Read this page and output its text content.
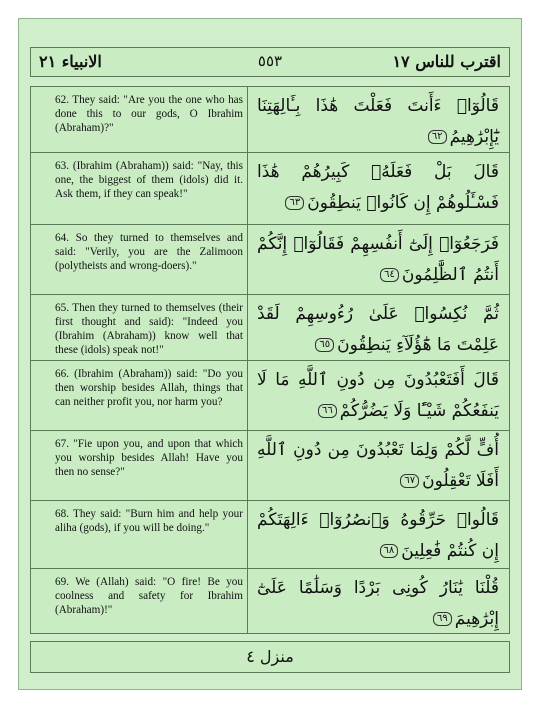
الانبياء ٢١	٥٥٣	اقترب للناس ١٧
62. They said: "Are you the one who has done this to our gods, O Ibrahim (Abraham)?"
قَالُوٓا۟ ءَأَنتَ فَعَلْتَ هَٰذَا بِـَٔالِهَتِنَا يَٰٓإِبْرَٰهِيمُ٦٢
63. (Ibrahim (Abraham)) said: "Nay, this one, the biggest of them (idols) did it. Ask them, if they can speak!"
قَالَ بَلْ فَعَلَهُۥ كَبِيرُهُمْ هَٰذَا فَسْـَٔلُوهُمْ إِن كَانُوا۟ يَنطِقُونَ٦٣
64. So they turned to themselves and said: "Verily, you are the Zalimoon (polytheists and wrong-doers)."
فَرَجَعُوٓا۟ إِلَىٰٓ أَنفُسِهِمْ فَقَالُوٓا۟ إِنَّكُمْ أَنتُمُ ٱلظَّٰلِمُونَ٦٤
65. Then they turned to themselves (their first thought and said): "Indeed you (Ibrahim (Abraham)) know well that these (idols) speak not!"
ثُمَّ نُكِسُوا۟ عَلَىٰ رُءُوسِهِمْ لَقَدْ عَلِمْتَ مَا هَٰٓؤُلَآءِ يَنطِقُونَ٦٥
66. (Ibrahim (Abraham)) said: "Do you then worship besides Allah, things that can neither profit you, nor harm you?
قَالَ أَفَتَعْبُدُونَ مِن دُونِ ٱللَّهِ مَا لَا يَنفَعُكُمْ شَيْـًٔا وَلَا يَضُرُّكُمْ٦٦
67. "Fie upon you, and upon that which you worship besides Allah! Have you then no sense?"
أُفٍّ لَّكُمْ وَلِمَا تَعْبُدُونَ مِن دُونِ ٱللَّهِ أَفَلَا تَعْقِلُونَ٦٧
68. They said: "Burn him and help your aliha (gods), if you will be doing."	قَالُوا۟ حَرِّقُوهُ وَٱنصُرُوٓا۟ ءَالِهَتَكُمْ إِن كُنتُمْ فَٰعِلِينَ٦٨
69. We (Allah) said: "O fire! Be you coolness and safety for Ibrahim (Abraham)!"
قُلْنَا يَٰنَارُ كُونِى بَرْدًا وَسَلَٰمًا عَلَىٰٓ إِبْرَٰهِيمَ٦٩
منزل ٤
